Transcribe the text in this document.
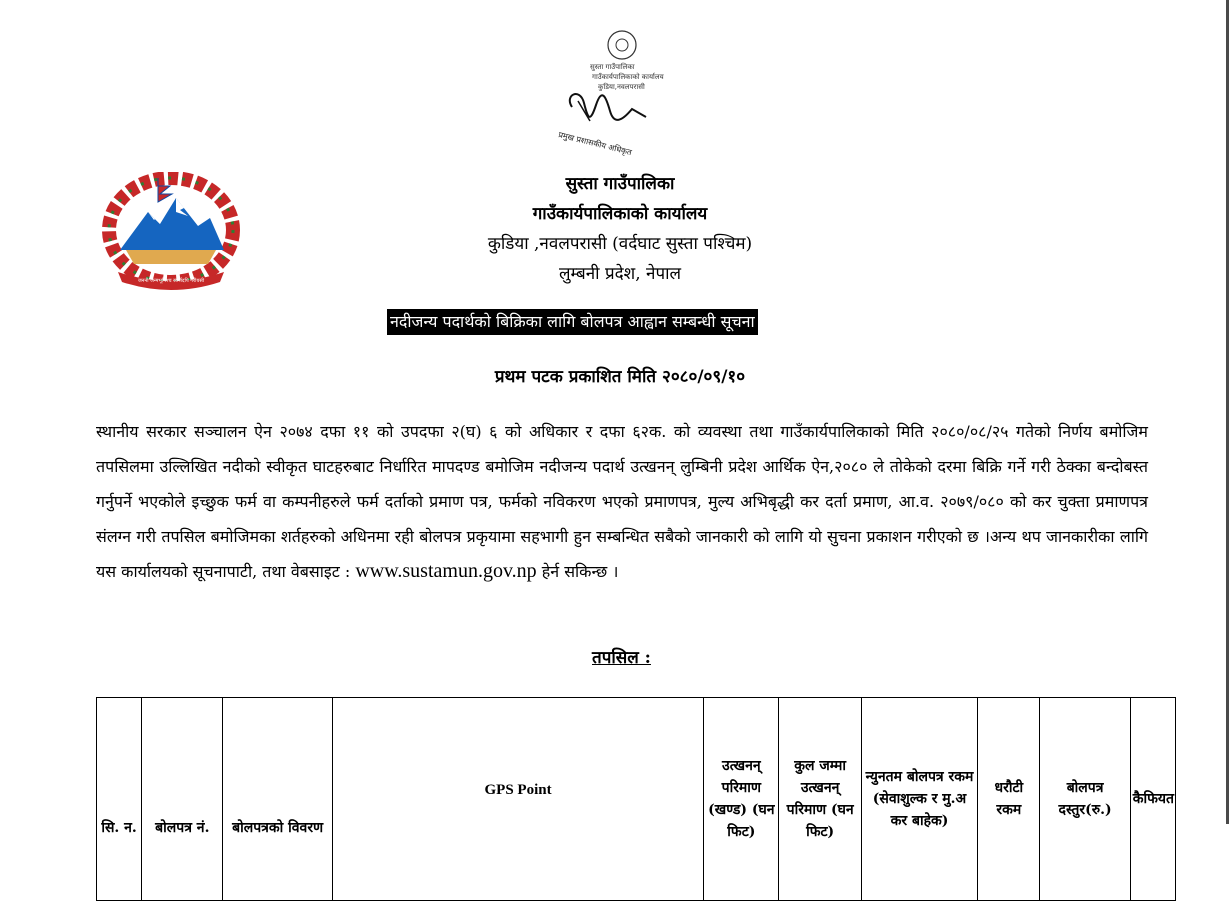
सुस्ता गाउँपालिका
गाउँकार्यपालिकाको कार्यालय
कुडिया,नवलपरासी
प्रमुख प्रशासकीय अधिकृत
जननी जन्मभूमिश्च स्वर्गादपि गरीयसी
सुस्ता गाउँपालिका
गाउँकार्यपालिकाको कार्यालय
कुडिया ,नवलपरासी (वर्दघाट सुस्ता पश्चिम)
लुम्बनी प्रदेश, नेपाल
नदीजन्य पदार्थको बिक्रिका लागि बोलपत्र आह्वान सम्बन्धी सूचना
प्रथम पटक प्रकाशित मिति २०८०/०९/१०
स्थानीय सरकार सञ्चालन ऐन २०७४ दफा ११ को उपदफा २(घ) ६ को अधिकार र दफा ६२क. को व्यवस्था तथा गाउँकार्यपालिकाको मिति २०८०/०८/२५ गतेको निर्णय बमोजिम तपसिलमा उल्लिखित नदीको स्वीकृत घाटहरुबाट निर्धारित मापदण्ड बमोजिम नदीजन्य पदार्थ उत्खनन् लुम्बिनी प्रदेश आर्थिक ऐन,२०८० ले तोकेको दरमा बिक्रि गर्ने गरी ठेक्का बन्दोबस्त गर्नुपर्ने भएकोले इच्छुक फर्म वा कम्पनीहरुले फर्म दर्ताको प्रमाण पत्र, फर्मको नविकरण भएको प्रमाणपत्र, मुल्य अभिबृद्धी कर दर्ता प्रमाण, आ.व. २०७९/०८० को कर चुक्ता प्रमाणपत्र संलग्न गरी तपसिल बमोजिमका शर्तहरुको अधिनमा रही बोलपत्र प्रकृयामा सहभागी हुन सम्बन्धित सबैको जानकारी को लागि यो सुचना प्रकाशन गरीएको छ ।अन्य थप जानकारीका लागि यस कार्यालयको सूचनापाटी, तथा वेबसाइट : www.sustamun.gov.np हेर्न सकिन्छ ।
तपसिल :
सि. न.	बोलपत्र नं.	बोलपत्रको विवरण	GPS Point	उत्खनन् परिमाण (खण्ड) (घन फिट)	कुल जम्मा उत्खनन् परिमाण (घन फिट)	न्युनतम बोलपत्र रकम (सेवाशुल्क र मु.अ कर बाहेक)	धरौटी रकम	बोलपत्र दस्तुर(रु.)	कैफियत
